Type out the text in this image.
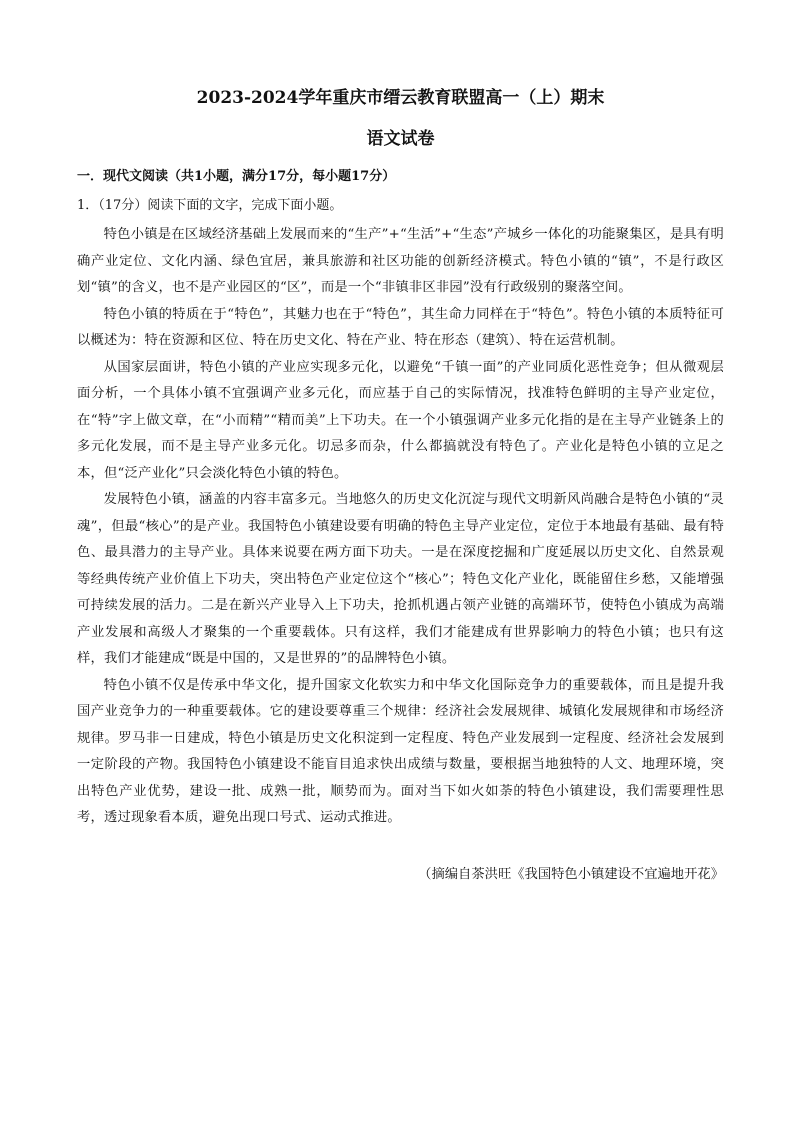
2023-2024学年重庆市缙云教育联盟高一（上）期末
语文试卷

一．现代文阅读（共1小题，满分17分，每小题17分）

1．（17分）阅读下面的文字，完成下面小题。

特色小镇是在区域经济基础上发展而来的“生产”+“生活”+“生态”产城乡一体化的功能聚集区，是具有明确产业定位、文化内涵、绿色宜居，兼具旅游和社区功能的创新经济模式。特色小镇的“镇”，不是行政区划“镇”的含义，也不是产业园区的“区”，而是一个“非镇非区非园”没有行政级别的聚落空间。

特色小镇的特质在于“特色”，其魅力也在于“特色”，其生命力同样在于“特色”。特色小镇的本质特征可以概述为：特在资源和区位、特在历史文化、特在产业、特在形态（建筑）、特在运营机制。

从国家层面讲，特色小镇的产业应实现多元化，以避免“千镇一面”的产业同质化恶性竞争；但从微观层面分析，一个具体小镇不宜强调产业多元化，而应基于自己的实际情况，找准特色鲜明的主导产业定位，在“特”字上做文章，在“小而精”“精而美”上下功夫。在一个小镇强调产业多元化指的是在主导产业链条上的多元化发展，而不是主导产业多元化。切忌多而杂，什么都搞就没有特色了。产业化是特色小镇的立足之本，但“泛产业化”只会淡化特色小镇的特色。

发展特色小镇，涵盖的内容丰富多元。当地悠久的历史文化沉淀与现代文明新风尚融合是特色小镇的“灵魂”，但最“核心”的是产业。我国特色小镇建设要有明确的特色主导产业定位，定位于本地最有基础、最有特色、最具潜力的主导产业。具体来说要在两方面下功夫。一是在深度挖掘和广度延展以历史文化、自然景观等经典传统产业价值上下功夫，突出特色产业定位这个“核心”；特色文化产业化，既能留住乡愁，又能增强可持续发展的活力。二是在新兴产业导入上下功夫，抢抓机遇占领产业链的高端环节，使特色小镇成为高端产业发展和高级人才聚集的一个重要载体。只有这样，我们才能建成有世界影响力的特色小镇；也只有这样，我们才能建成“既是中国的，又是世界的”的品牌特色小镇。

特色小镇不仅是传承中华文化，提升国家文化软实力和中华文化国际竞争力的重要载体，而且是提升我国产业竞争力的一种重要载体。它的建设要尊重三个规律：经济社会发展规律、城镇化发展规律和市场经济规律。罗马非一日建成，特色小镇是历史文化积淀到一定程度、特色产业发展到一定程度、经济社会发展到一定阶段的产物。我国特色小镇建设不能盲目追求快出成绩与数量，要根据当地独特的人文、地理环境，突出特色产业优势，建设一批、成熟一批，顺势而为。面对当下如火如荼的特色小镇建设，我们需要理性思考，透过现象看本质，避免出现口号式、运动式推进。

（摘编自茶洪旺《我国特色小镇建设不宜遍地开花》
